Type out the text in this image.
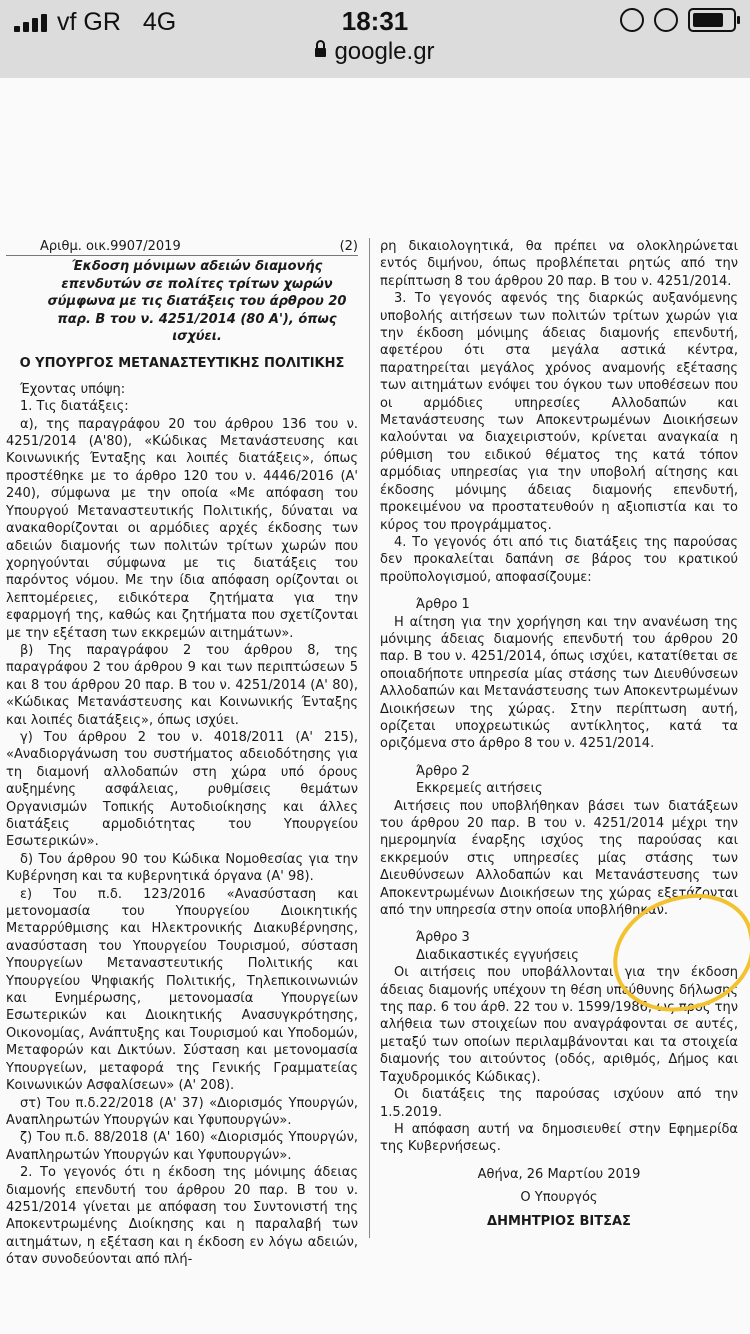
vf GR 4G	18:31
google.gr
Αριθμ. οικ.9907/2019	(2)

Έκδοση μόνιμων αδειών διαμονής επενδυτών σε πολίτες τρίτων χωρών σύμφωνα με τις διατάξεις του άρθρου 20 παρ. Β του ν. 4251/2014 (80 Α'), όπως ισχύει.

Ο ΥΠΟΥΡΓΟΣ ΜΕΤΑΝΑΣΤΕΥΤΙΚΗΣ ΠΟΛΙΤΙΚΗΣ

Έχοντας υπόψη:

1. Τις διατάξεις:

α), της παραγράφου 20 του άρθρου 136 του ν. 4251/2014 (Α'80), «Κώδικας Μετανάστευσης και Κοινωνικής Ένταξης και λοιπές διατάξεις», όπως προστέθηκε με το άρθρο 120 του ν. 4446/2016 (Α' 240), σύμφωνα με την οποία «Με απόφαση του Υπουργού Μεταναστευτικής Πολιτικής, δύναται να ανακαθορίζονται οι αρμόδιες αρχές έκδοσης των αδειών διαμονής των πολιτών τρίτων χωρών που χορηγούνται σύμφωνα με τις διατάξεις του παρόντος νόμου. Με την ίδια απόφαση ορίζονται οι λεπτομέρειες, ειδικότερα ζητήματα για την εφαρμογή της, καθώς και ζητήματα που σχετίζονται με την εξέταση των εκκρεμών αιτημάτων».

β) Της παραγράφου 2 του άρθρου 8, της παραγράφου 2 του άρθρου 9 και των περιπτώσεων 5 και 8 του άρθρου 20 παρ. Β του ν. 4251/2014 (Α' 80), «Κώδικας Μετανάστευσης και Κοινωνικής Ένταξης και λοιπές διατάξεις», όπως ισχύει.

γ) Του άρθρου 2 του ν. 4018/2011 (Α' 215), «Αναδιοργάνωση του συστήματος αδειοδότησης για τη διαμονή αλλοδαπών στη χώρα υπό όρους αυξημένης ασφάλειας, ρυθμίσεις θεμάτων Οργανισμών Τοπικής Αυτοδιοίκησης και άλλες διατάξεις αρμοδιότητας του Υπουργείου Εσωτερικών».

δ) Του άρθρου 90 του Κώδικα Νομοθεσίας για την Κυβέρνηση και τα κυβερνητικά όργανα (Α' 98).

ε) Του π.δ. 123/2016 «Ανασύσταση και μετονομασία του Υπουργείου Διοικητικής Μεταρρύθμισης και Ηλεκτρονικής Διακυβέρνησης, ανασύσταση του Υπουργείου Τουρισμού, σύσταση Υπουργείων Μεταναστευτικής Πολιτικής και Υπουργείου Ψηφιακής Πολιτικής, Τηλεπικοινωνιών και Ενημέρωσης, μετονομασία Υπουργείων Εσωτερικών και Διοικητικής Ανασυγκρότησης, Οικονομίας, Ανάπτυξης και Τουρισμού και Υποδομών, Μεταφορών και Δικτύων. Σύσταση και μετονομασία Υπουργείων, μεταφορά της Γενικής Γραμματείας Κοινωνικών Ασφαλίσεων» (Α' 208).

στ) Του π.δ.22/2018 (Α' 37) «Διορισμός Υπουργών, Αναπληρωτών Υπουργών και Υφυπουργών».

ζ) Του π.δ. 88/2018 (Α' 160) «Διορισμός Υπουργών, Αναπληρωτών Υπουργών και Υφυπουργών».

2. Το γεγονός ότι η έκδοση της μόνιμης άδειας διαμονής επενδυτή του άρθρου 20 παρ. Β του ν. 4251/2014 γίνεται με απόφαση του Συντονιστή της Αποκεντρωμένης Διοίκησης και η παραλαβή των αιτημάτων, η εξέταση και η έκδοση εν λόγω αδειών, όταν συνοδεύονται από πλή-

ρη δικαιολογητικά, θα πρέπει να ολοκληρώνεται εντός διμήνου, όπως προβλέπεται ρητώς από την περίπτωση 8 του άρθρου 20 παρ. Β του ν. 4251/2014.

3. Το γεγονός αφενός της διαρκώς αυξανόμενης υποβολής αιτήσεων των πολιτών τρίτων χωρών για την έκδοση μόνιμης άδειας διαμονής επενδυτή, αφετέρου ότι στα μεγάλα αστικά κέντρα, παρατηρείται μεγάλος χρόνος αναμονής εξέτασης των αιτημάτων ενόψει του όγκου των υποθέσεων που οι αρμόδιες υπηρεσίες Αλλοδαπών και Μετανάστευσης των Αποκεντρωμένων Διοικήσεων καλούνται να διαχειριστούν, κρίνεται αναγκαία η ρύθμιση του ειδικού θέματος της κατά τόπον αρμόδιας υπηρεσίας για την υποβολή αίτησης και έκδοσης μόνιμης άδειας διαμονής επενδυτή, προκειμένου να προστατευθούν η αξιοπιστία και το κύρος του προγράμματος.

4. Το γεγονός ότι από τις διατάξεις της παρούσας δεν προκαλείται δαπάνη σε βάρος του κρατικού προϋπολογισμού, αποφασίζουμε:

Άρθρο 1

Η αίτηση για την χορήγηση και την ανανέωση της μόνιμης άδειας διαμονής επενδυτή του άρθρου 20 παρ. Β του ν. 4251/2014, όπως ισχύει, κατατίθεται σε οποιαδήποτε υπηρεσία μίας στάσης των Διευθύνσεων Αλλοδαπών και Μετανάστευσης των Αποκεντρωμένων Διοικήσεων της χώρας. Στην περίπτωση αυτή, ορίζεται υποχρεωτικώς αντίκλητος, κατά τα οριζόμενα στο άρθρο 8 του ν. 4251/2014.

Άρθρο 2

Εκκρεμείς αιτήσεις

Αιτήσεις που υποβλήθηκαν βάσει των διατάξεων του άρθρου 20 παρ. Β του ν. 4251/2014 μέχρι την ημερομηνία έναρξης ισχύος της παρούσας και εκκρεμούν στις υπηρεσίες μίας στάσης των Διευθύνσεων Αλλοδαπών και Μετανάστευσης των Αποκεντρωμένων Διοικήσεων της χώρας εξετάζονται από την υπηρεσία στην οποία υποβλήθηκαν.

Άρθρο 3

Διαδικαστικές εγγυήσεις

Οι αιτήσεις που υποβάλλονται για την έκδοση άδειας διαμονής υπέχουν τη θέση υπεύθυνης δήλωσης της παρ. 6 του άρθ. 22 του ν. 1599/1986, ως προς την αλήθεια των στοιχείων που αναγράφονται σε αυτές, μεταξύ των οποίων περιλαμβάνονται και τα στοιχεία διαμονής του αιτούντος (οδός, αριθμός, Δήμος και Ταχυδρομικός Κώδικας).

Οι διατάξεις της παρούσας ισχύουν από την 1.5.2019.

Η απόφαση αυτή να δημοσιευθεί στην Εφημερίδα της Κυβερνήσεως.

Αθήνα, 26 Μαρτίου 2019

Ο Υπουργός

ΔΗΜΗΤΡΙΟΣ ΒΙΤΣΑΣ
